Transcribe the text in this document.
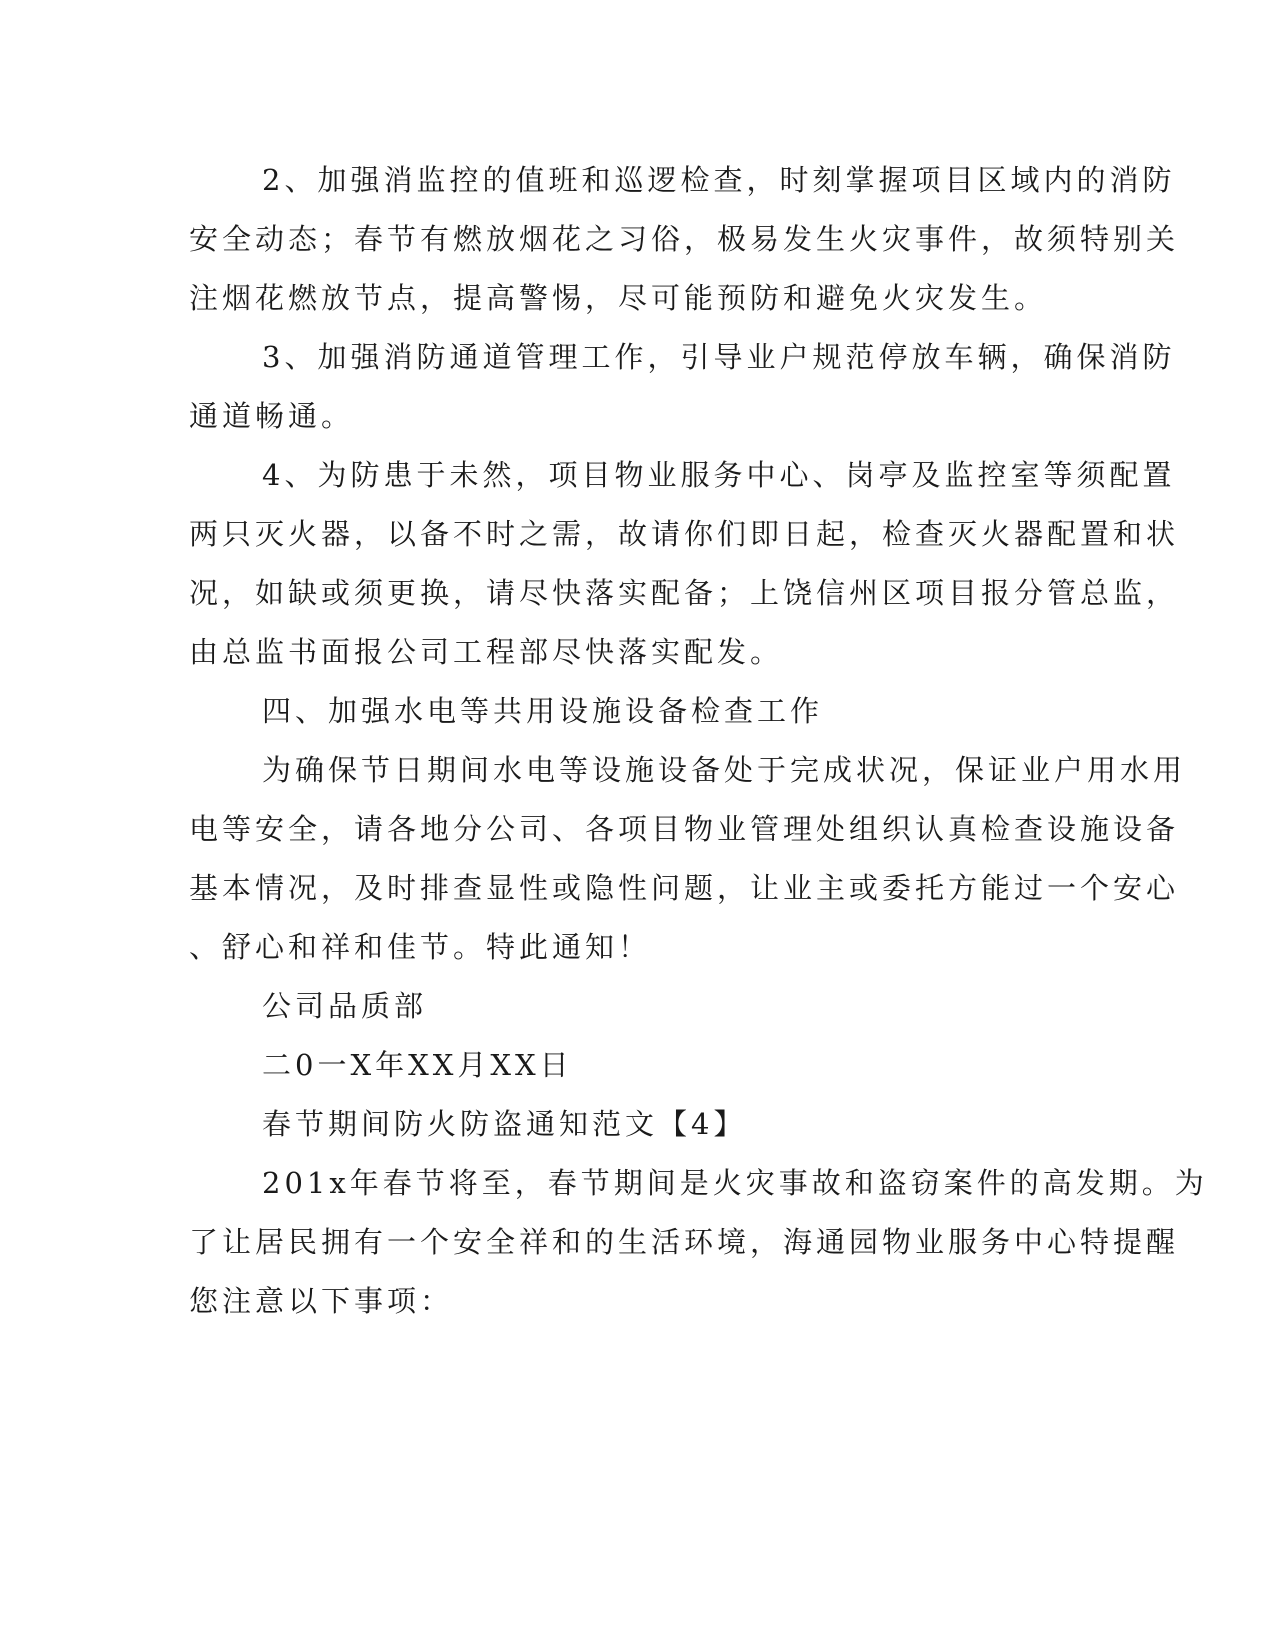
2、加强消监控的值班和巡逻检查，时刻掌握项目区域内的消防
安全动态；春节有燃放烟花之习俗，极易发生火灾事件，故须特别关
注烟花燃放节点，提高警惕，尽可能预防和避免火灾发生。
3、加强消防通道管理工作，引导业户规范停放车辆，确保消防
通道畅通。
4、为防患于未然，项目物业服务中心、岗亭及监控室等须配置
两只灭火器，以备不时之需，故请你们即日起，检查灭火器配置和状
况，如缺或须更换，请尽快落实配备；上饶信州区项目报分管总监，
由总监书面报公司工程部尽快落实配发。
四、加强水电等共用设施设备检查工作
为确保节日期间水电等设施设备处于完成状况，保证业户用水用
电等安全，请各地分公司、各项目物业管理处组织认真检查设施设备
基本情况，及时排查显性或隐性问题，让业主或委托方能过一个安心
、舒心和祥和佳节。特此通知！
公司品质部
二0一X年XX月XX日
春节期间防火防盗通知范文【4】
201x年春节将至，春节期间是火灾事故和盗窃案件的高发期。为
了让居民拥有一个安全祥和的生活环境，海通园物业服务中心特提醒
您注意以下事项：
